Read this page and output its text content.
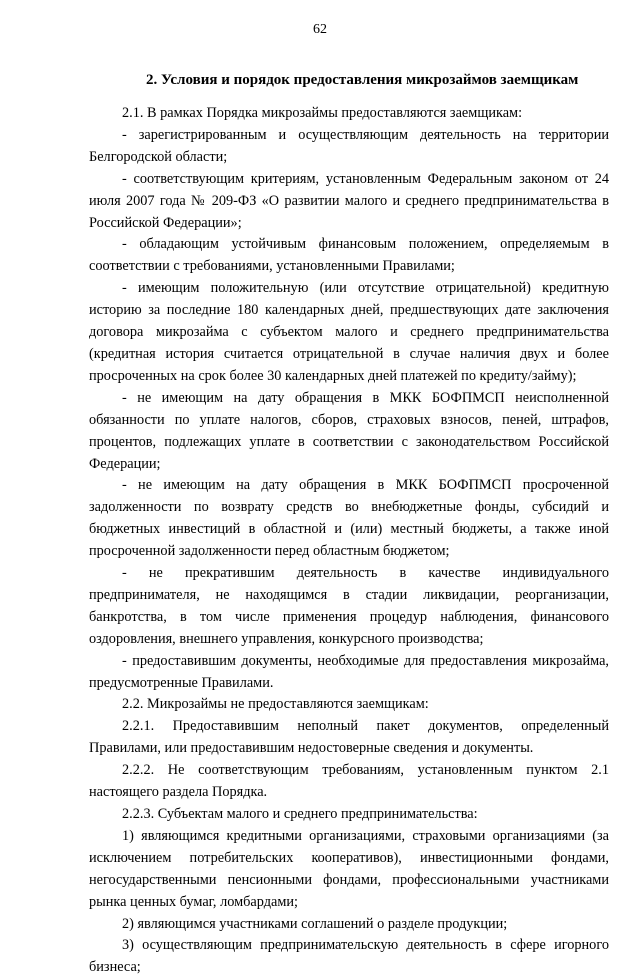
62
2. Условия и порядок предоставления микрозаймов заемщикам

2.1. В рамках Порядка микрозаймы предоставляются заемщикам:

- зарегистрированным и осуществляющим деятельность на территории Белгородской области;

- соответствующим критериям, установленным Федеральным законом от 24 июля 2007 года № 209-ФЗ «О развитии малого и среднего предпринимательства в Российской Федерации»;

- обладающим устойчивым финансовым положением, определяемым в соответствии с требованиями, установленными Правилами;

- имеющим положительную (или отсутствие отрицательной) кредитную историю за последние 180 календарных дней, предшествующих дате заключения договора микрозайма с субъектом малого и среднего предпринимательства (кредитная история считается отрицательной в случае наличия двух и более просроченных на срок более 30 календарных дней платежей по кредиту/займу);

- не имеющим на дату обращения в МКК БОФПМСП неисполненной обязанности по уплате налогов, сборов, страховых взносов, пеней, штрафов, процентов, подлежащих уплате в соответствии с законодательством Российской Федерации;

- не имеющим на дату обращения в МКК БОФПМСП просроченной задолженности по возврату средств во внебюджетные фонды, субсидий и бюджетных инвестиций в областной и (или) местный бюджеты, а также иной просроченной задолженности перед областным бюджетом;

- не прекратившим деятельность в качестве индивидуального предпринимателя, не находящимся в стадии ликвидации, реорганизации, банкротства, в том числе применения процедур наблюдения, финансового оздоровления, внешнего управления, конкурсного производства;

- предоставившим документы, необходимые для предоставления микрозайма, предусмотренные Правилами.

2.2. Микрозаймы не предоставляются заемщикам:

2.2.1. Предоставившим неполный пакет документов, определенный Правилами, или предоставившим недостоверные сведения и документы.

2.2.2. Не соответствующим требованиям, установленным пунктом 2.1 настоящего раздела Порядка.

2.2.3. Субъектам малого и среднего предпринимательства:

1) являющимся кредитными организациями, страховыми организациями (за исключением потребительских кооперативов), инвестиционными фондами, негосударственными пенсионными фондами, профессиональными участниками рынка ценных бумаг, ломбардами;

2) являющимся участниками соглашений о разделе продукции;

3) осуществляющим предпринимательскую деятельность в сфере игорного бизнеса;
